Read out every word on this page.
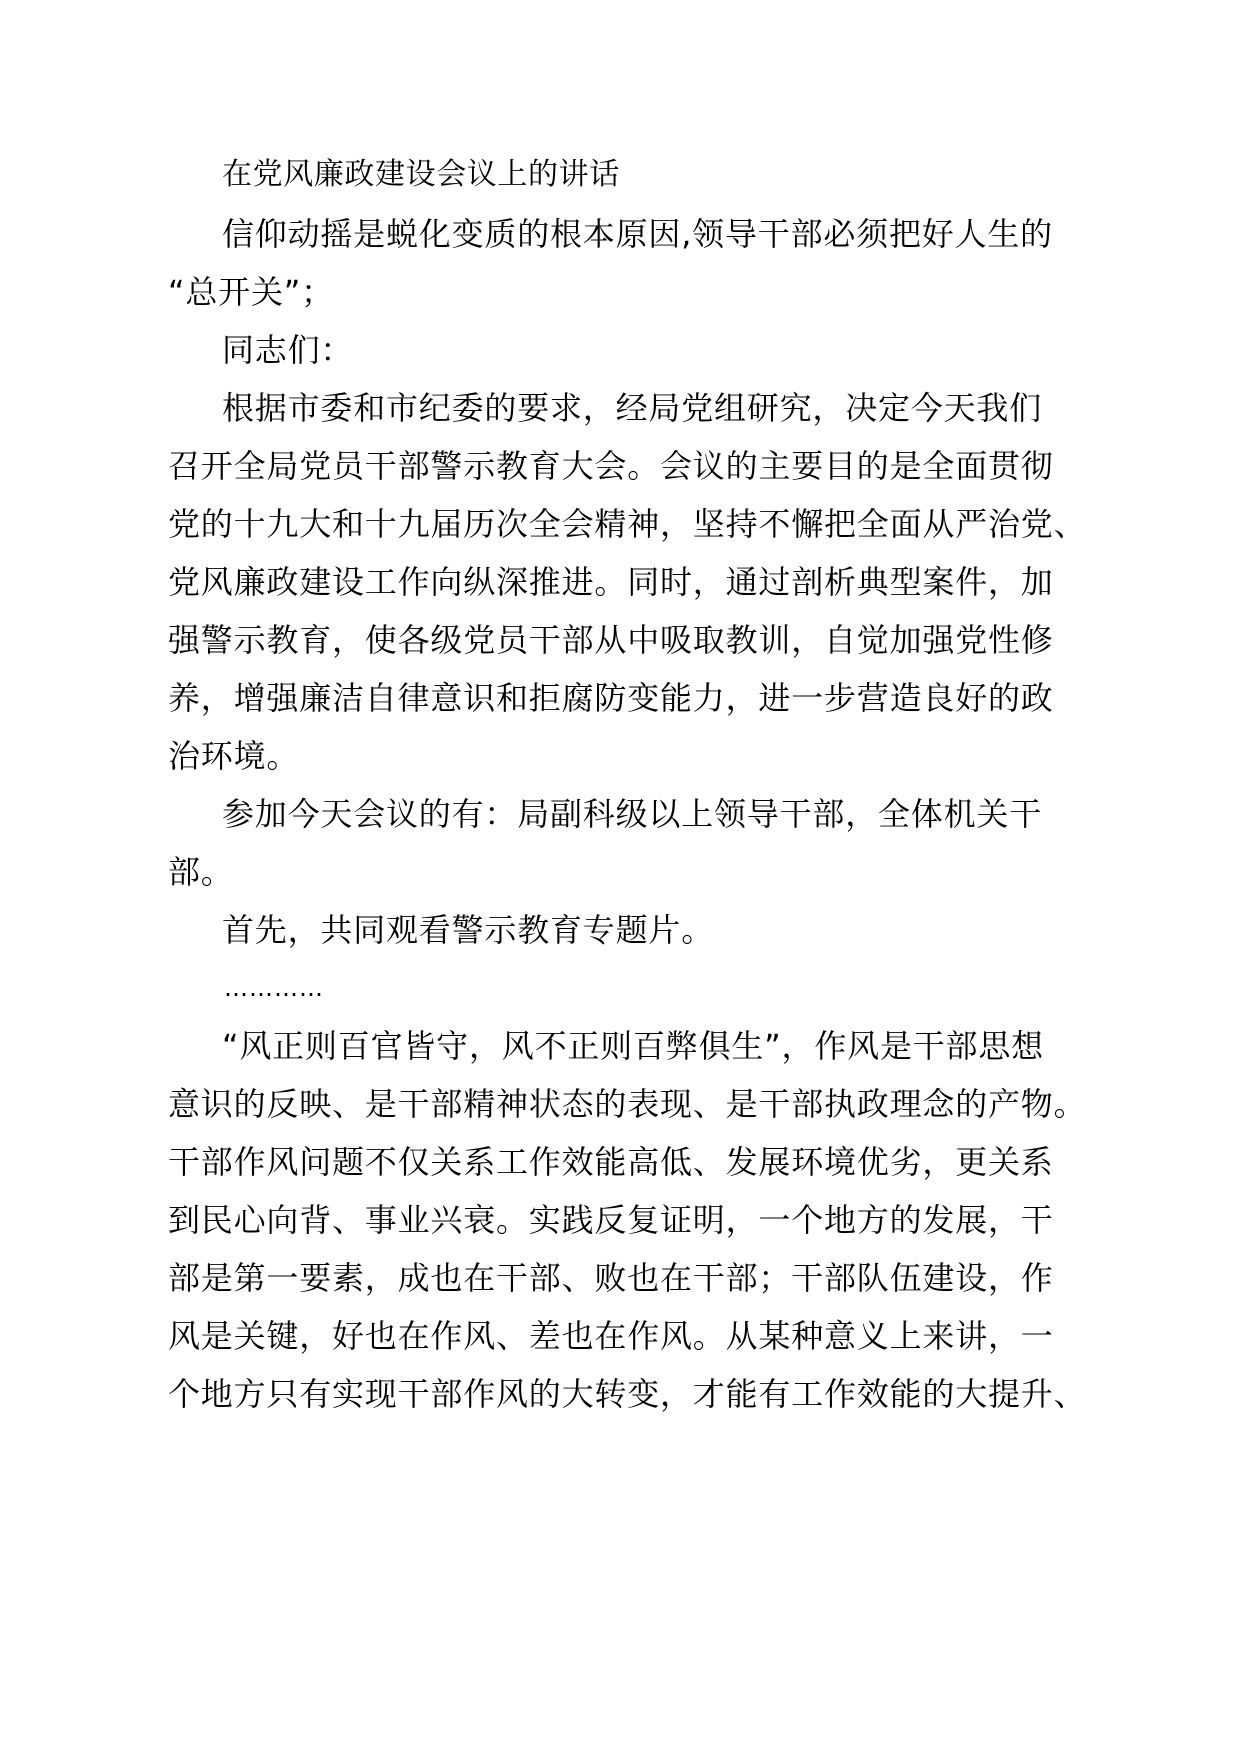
在党风廉政建设会议上的讲话
信仰动摇是蜕化变质的根本原因,领导干部必须把好人生的
“总开关”；
同志们：
根据市委和市纪委的要求，经局党组研究，决定今天我们
召开全局党员干部警示教育大会。会议的主要目的是全面贯彻
党的十九大和十九届历次全会精神，坚持不懈把全面从严治党、
党风廉政建设工作向纵深推进。同时，通过剖析典型案件，加
强警示教育，使各级党员干部从中吸取教训，自觉加强党性修
养，增强廉洁自律意识和拒腐防变能力，进一步营造良好的政
治环境。
参加今天会议的有：局副科级以上领导干部，全体机关干
部。
首先，共同观看警示教育专题片。
…………
“风正则百官皆守，风不正则百弊俱生”，作风是干部思想
意识的反映、是干部精神状态的表现、是干部执政理念的产物。
干部作风问题不仅关系工作效能高低、发展环境优劣，更关系
到民心向背、事业兴衰。实践反复证明，一个地方的发展，干
部是第一要素，成也在干部、败也在干部；干部队伍建设，作
风是关键，好也在作风、差也在作风。从某种意义上来讲，一
个地方只有实现干部作风的大转变，才能有工作效能的大提升、
